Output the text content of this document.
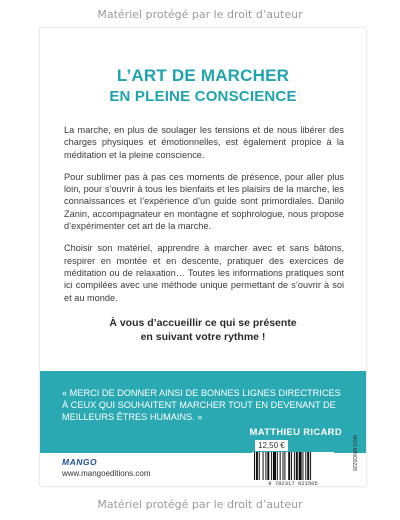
Matériel protégé par le droit d’auteur
L’ART DE MARCHER
EN PLEINE CONSCIENCE

La marche, en plus de soulager les tensions et de nous libérer des charges physiques et émotionnelles, est également propice à la méditation et la pleine conscience.

Pour sublimer pas à pas ces moments de présence, pour aller plus loin, pour s’ouvrir à tous les bienfaits et les plaisirs de la marche, les connaissances et l’expérience d’un guide sont primordiales. Danilo Zanin, accompagnateur en montagne et sophrologue, nous propose d’expérimenter cet art de la marche.

Choisir son matériel, apprendre à marcher avec et sans bâtons, respirer en montée et en descente, pratiquer des exercices de méditation ou de relaxation… Toutes les informations pratiques sont ici compilées avec une méthode unique permettant de s’ouvrir à soi et au monde.

À vous d’accueillir ce qui se présente
en suivant votre rythme !
« MERCI DE DONNER AINSI DE BONNES LIGNES DIRECTRICES À CEUX QUI SOUHAITENT MARCHER TOUT EN DEVENANT DE MEILLEURS ÊTRES HUMAINS. »
MATTHIEU RICARD
MANGO
www.mangoeditions.com
12,50 €
9 782317 021505
MOS MNO0228
Matériel protégé par le droit d’auteur
